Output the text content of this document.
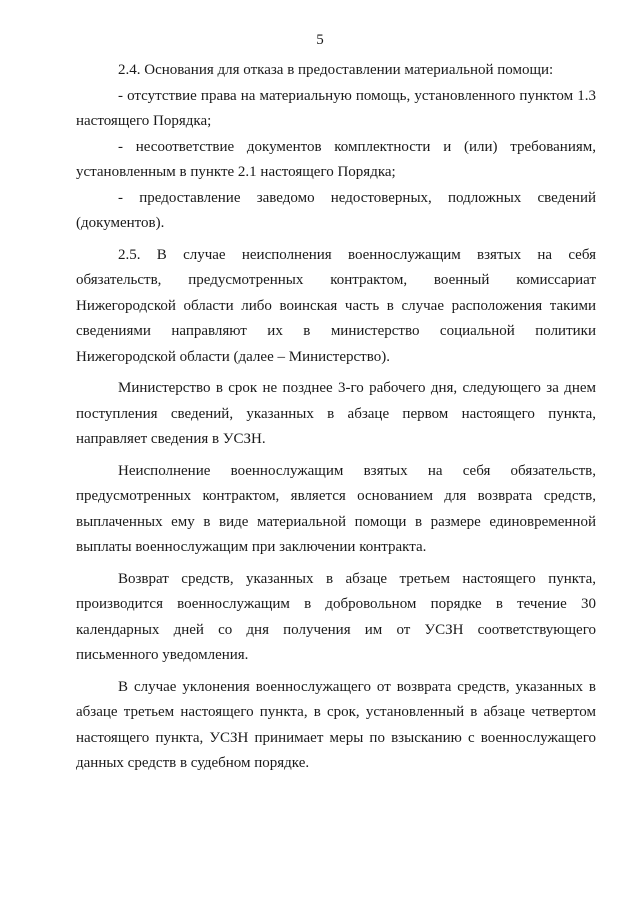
5

2.4. Основания для отказа в предоставлении материальной помощи:

- отсутствие права на материальную помощь, установленного пунктом 1.3 настоящего Порядка;

- несоответствие документов комплектности и (или) требованиям, установленным в пункте 2.1 настоящего Порядка;

- предоставление заведомо недостоверных, подложных сведений (документов).

2.5. В случае неисполнения военнослужащим взятых на себя обязательств, предусмотренных контрактом, военный комиссариат Нижегородской области либо воинская часть в случае расположения такими сведениями направляют их в министерство социальной политики Нижегородской области (далее – Министерство).

Министерство в срок не позднее 3-го рабочего дня, следующего за днем поступления сведений, указанных в абзаце первом настоящего пункта, направляет сведения в УСЗН.

Неисполнение военнослужащим взятых на себя обязательств, предусмотренных контрактом, является основанием для возврата средств, выплаченных ему в виде материальной помощи в размере единовременной выплаты военнослужащим при заключении контракта.

Возврат средств, указанных в абзаце третьем настоящего пункта, производится военнослужащим в добровольном порядке в течение 30 календарных дней со дня получения им от УСЗН соответствующего письменного уведомления.

В случае уклонения военнослужащего от возврата средств, указанных в абзаце третьем настоящего пункта, в срок, установленный в абзаце четвертом настоящего пункта, УСЗН принимает меры по взысканию с военнослужащего данных средств в судебном порядке.
